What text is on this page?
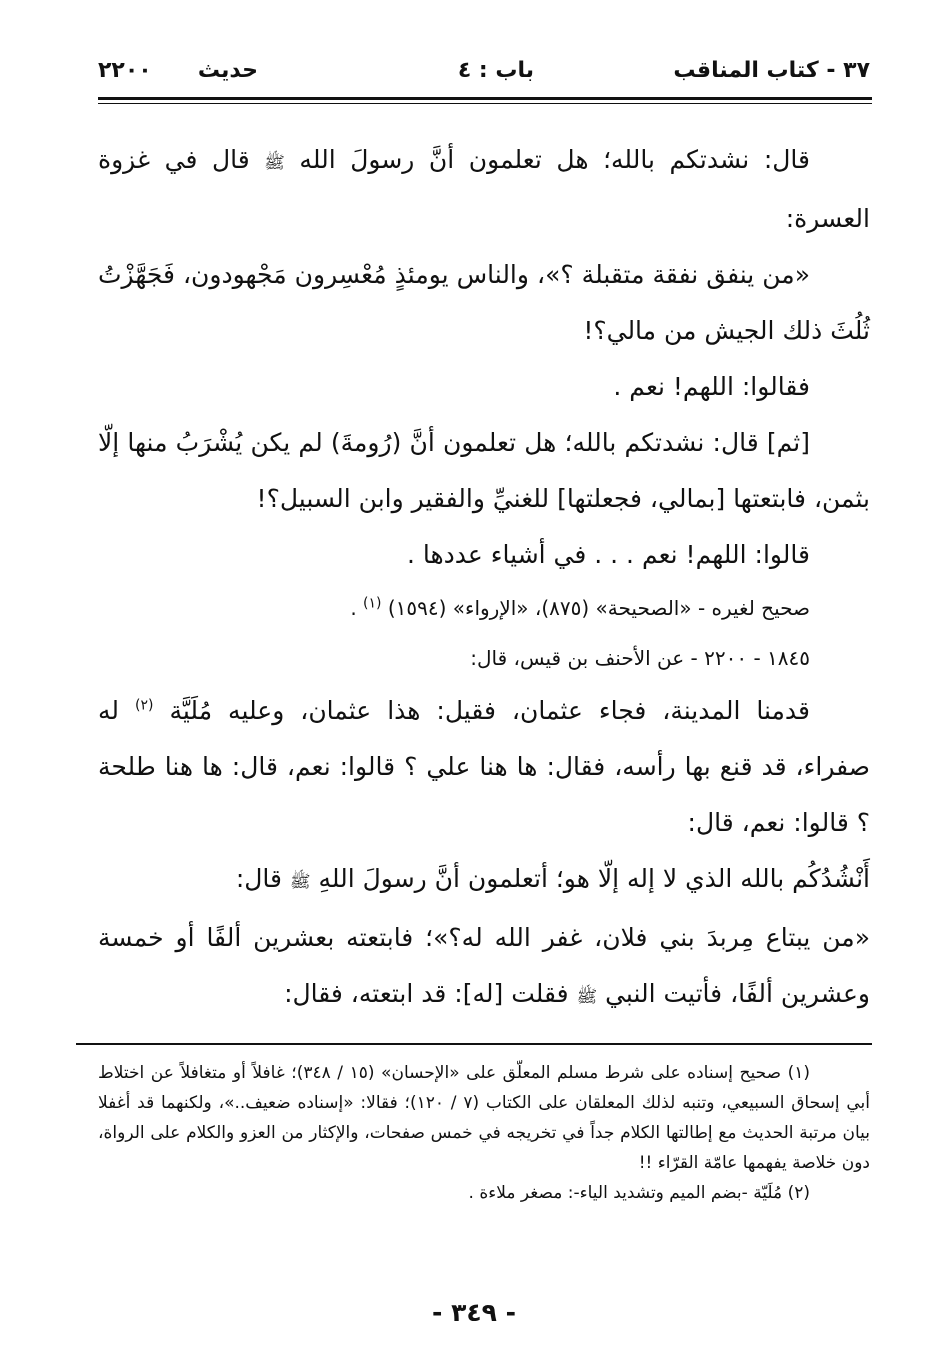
٣٧ - كتاب المناقب
باب : ٤
حديث
٢٢٠٠

قال: نشدتكم بالله؛ هل تعلمون أنَّ رسولَ الله ﷺ قال في غزوة العسرة:

«من ينفق نفقة متقبلة ؟»، والناس يومئذٍ مُعْسِرون مَجْهودون، فَجَهَّزْتُ ثُلُثَ ذلك الجيش من مالي؟!

فقالوا: اللهم! نعم .

[ثم] قال: نشدتكم بالله؛ هل تعلمون أنَّ (رُومةَ) لم يكن يُشْرَبُ منها إلّا بثمن، فابتعتها [بمالي، فجعلتها] للغنيِّ والفقير وابن السبيل؟!

قالوا: اللهم! نعم . . . في أشياء عددها .

صحيح لغيره - «الصحيحة» (٨٧٥)، «الإرواء» (١٥٩٤) $^{(١)}$ .

١٨٤٥ - ٢٢٠٠ - عن الأحنف بن قيس، قال:

قدمنا المدينة، فجاء عثمان، فقيل: هذا عثمان، وعليه مُلَيَّة $^{(٢)}$ له صفراء، قد قنع بها رأسه، فقال: ها هنا علي ؟ قالوا: نعم، قال: ها هنا طلحة ؟ قالوا: نعم، قال:

أَنْشُدُكُم بالله الذي لا إله إلّا هو؛ أتعلمون أنَّ رسولَ اللهِ ﷺ قال:

«من يبتاع مِربدَ بني فلان، غفر الله له؟»؛ فابتعته بعشرين ألفًا أو خمسة وعشرين ألفًا، فأتيت النبي ﷺ فقلت [له]: قد ابتعته، فقال:

(١) صحيح إسناده على شرط مسلم المعلّق على «الإحسان» (١٥ / ٣٤٨)؛ غافلاً أو متغافلاً عن اختلاط أبي إسحاق السبيعي، وتنبه لذلك المعلقان على الكتاب (٧ / ١٢٠)؛ فقالا: «إسناده ضعيف..»، ولكنهما قد أغفلا بيان مرتبة الحديث مع إطالتها الكلام جداً في تخريجه في خمس صفحات، والإكثار من العزو والكلام على الرواة، دون خلاصة يفهمها عامّة القرّاء !!

(٢) مُلَيّة -بضم الميم وتشديد الياء-: مصغر ملاءة .

- ٣٤٩ -
